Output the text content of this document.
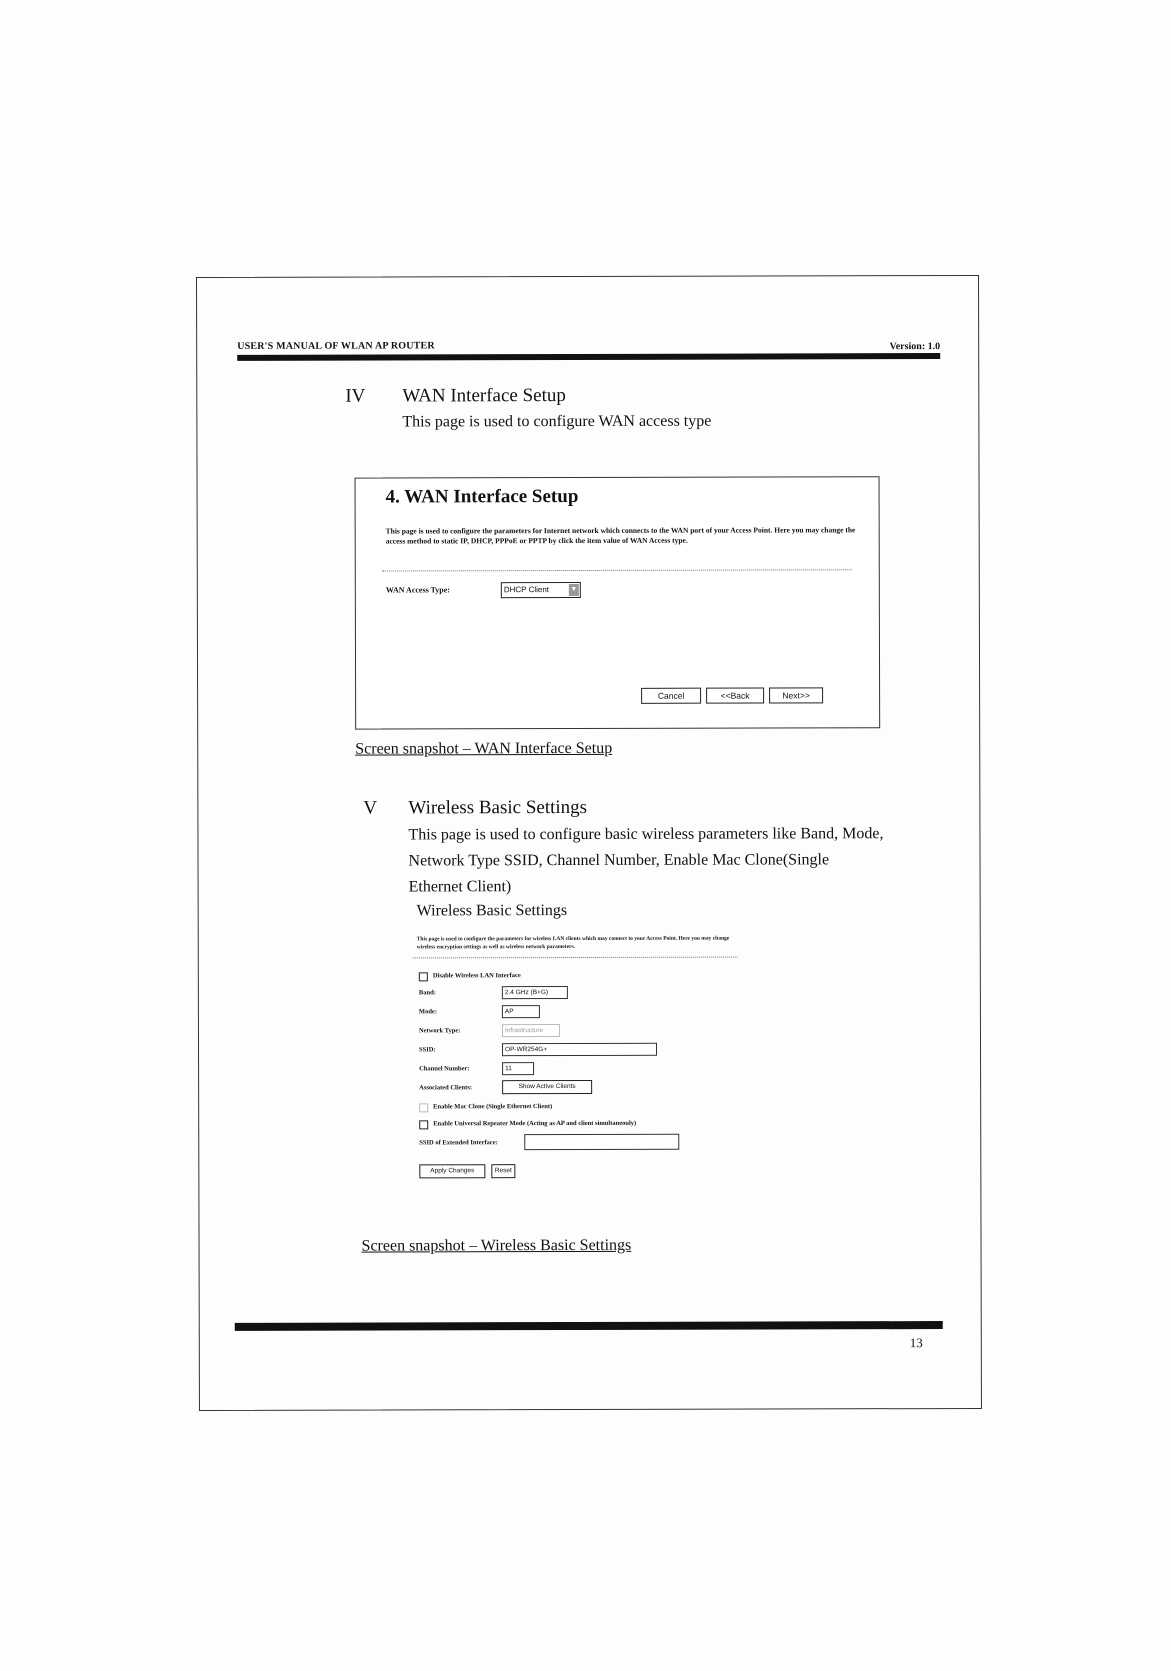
USER'S MANUAL OF WLAN AP ROUTER	Version: 1.0
IV WAN Interface Setup
This page is used to configure WAN access type
4. WAN Interface Setup
This page is used to configure the parameters for Internet network which connects to the WAN port of your Access Point. Here you may change the access method to static IP, DHCP, PPPoE or PPTP by click the item value of WAN Access type.
WAN Access Type:	DHCP Client	▼
Cancel	<<Back	Next>>
Screen snapshot – WAN Interface Setup
V Wireless Basic Settings
This page is used to configure basic wireless parameters like Band, Mode,
Network Type SSID, Channel Number, Enable Mac Clone(Single
Ethernet Client)
Wireless Basic Settings
This page is used to configure the parameters for wireless LAN clients which may connect to your Access Point. Here you may change wireless encryption settings as well as wireless network parameters.
Disable Wireless LAN Interface
Band:	2.4 GHz (B+G)
Mode:	AP
Network Type:	Infrastructure
SSID:	OP-WR254G+
Channel Number:	11
Associated Clients:	Show Active Clients
Enable Mac Clone (Single Ethernet Client)
Enable Universal Repeater Mode (Acting as AP and client simultaneouly)
SSID of Extended Interface:
Apply Changes	Reset
Screen snapshot – Wireless Basic Settings
13
